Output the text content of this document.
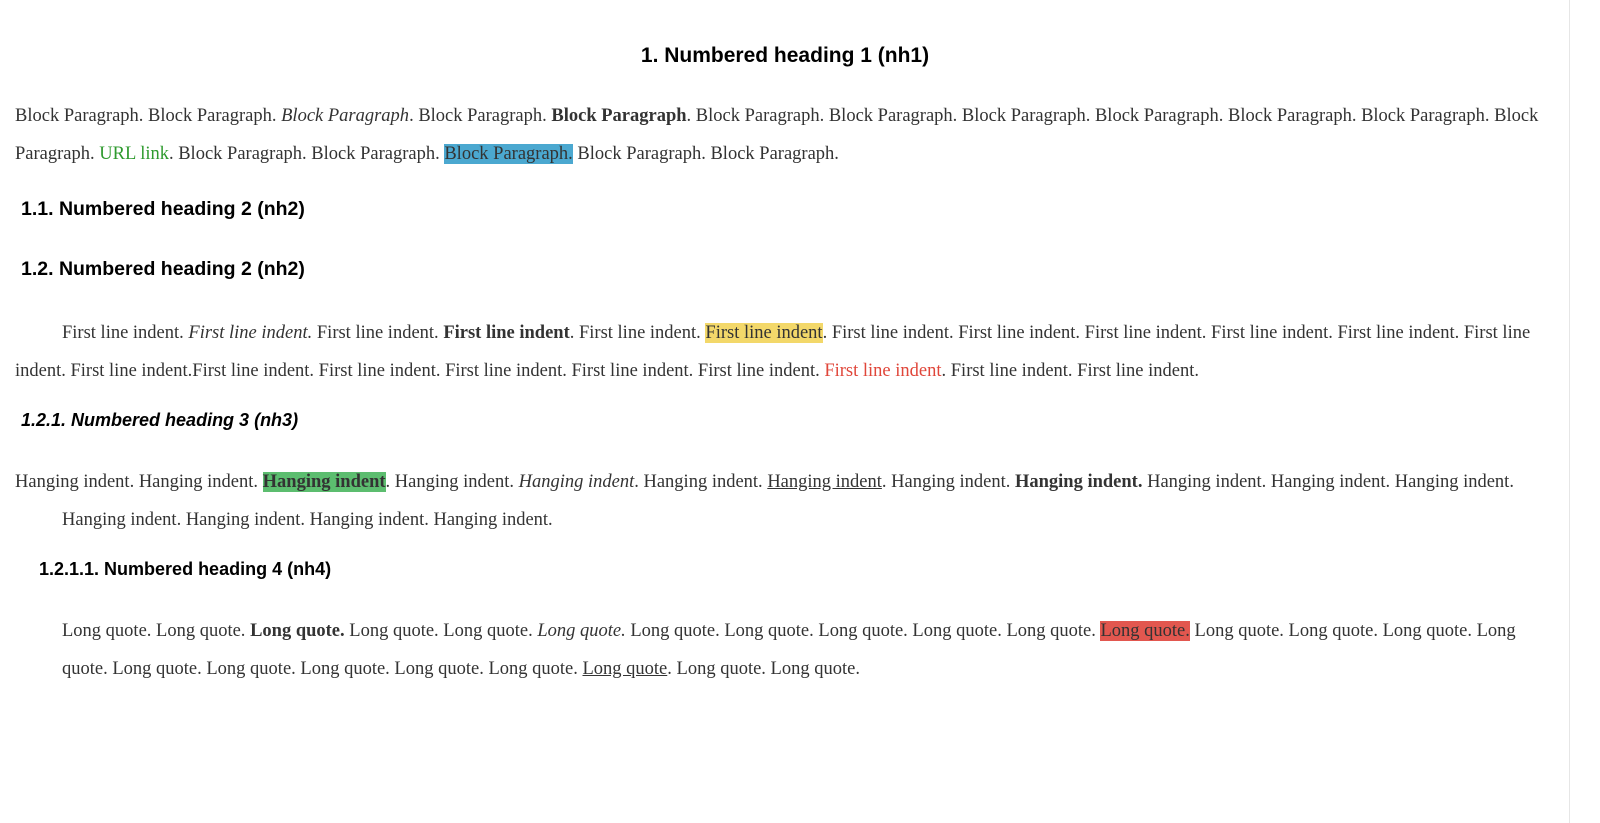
1. Numbered heading 1 (nh1)

Block Paragraph. Block Paragraph. Block Paragraph. Block Paragraph. Block Paragraph. Block Paragraph. Block Paragraph. Block Paragraph. Block Paragraph. Block Paragraph. Block Paragraph. Block Paragraph. URL link. Block Paragraph. Block Paragraph. Block Paragraph. Block Paragraph. Block Paragraph.

1.1. Numbered heading 2 (nh2)
1.2. Numbered heading 2 (nh2)

First line indent. First line indent. First line indent. First line indent. First line indent. First line indent. First line indent. First line indent. First line indent. First line indent. First line indent. First line indent. First line indent.First line indent. First line indent. First line indent. First line indent. First line indent. First line indent. First line indent. First line indent.

1.2.1. Numbered heading 3 (nh3)

Hanging indent. Hanging indent. Hanging indent. Hanging indent. Hanging indent. Hanging indent. Hanging indent. Hanging indent. Hanging indent. Hanging indent. Hanging indent. Hanging indent. Hanging indent. Hanging indent. Hanging indent. Hanging indent.

1.2.1.1. Numbered heading 4 (nh4)

Long quote. Long quote. Long quote. Long quote. Long quote. Long quote. Long quote. Long quote. Long quote. Long quote. Long quote. Long quote. Long quote. Long quote. Long quote. Long quote. Long quote. Long quote. Long quote. Long quote. Long quote. Long quote. Long quote. Long quote.
